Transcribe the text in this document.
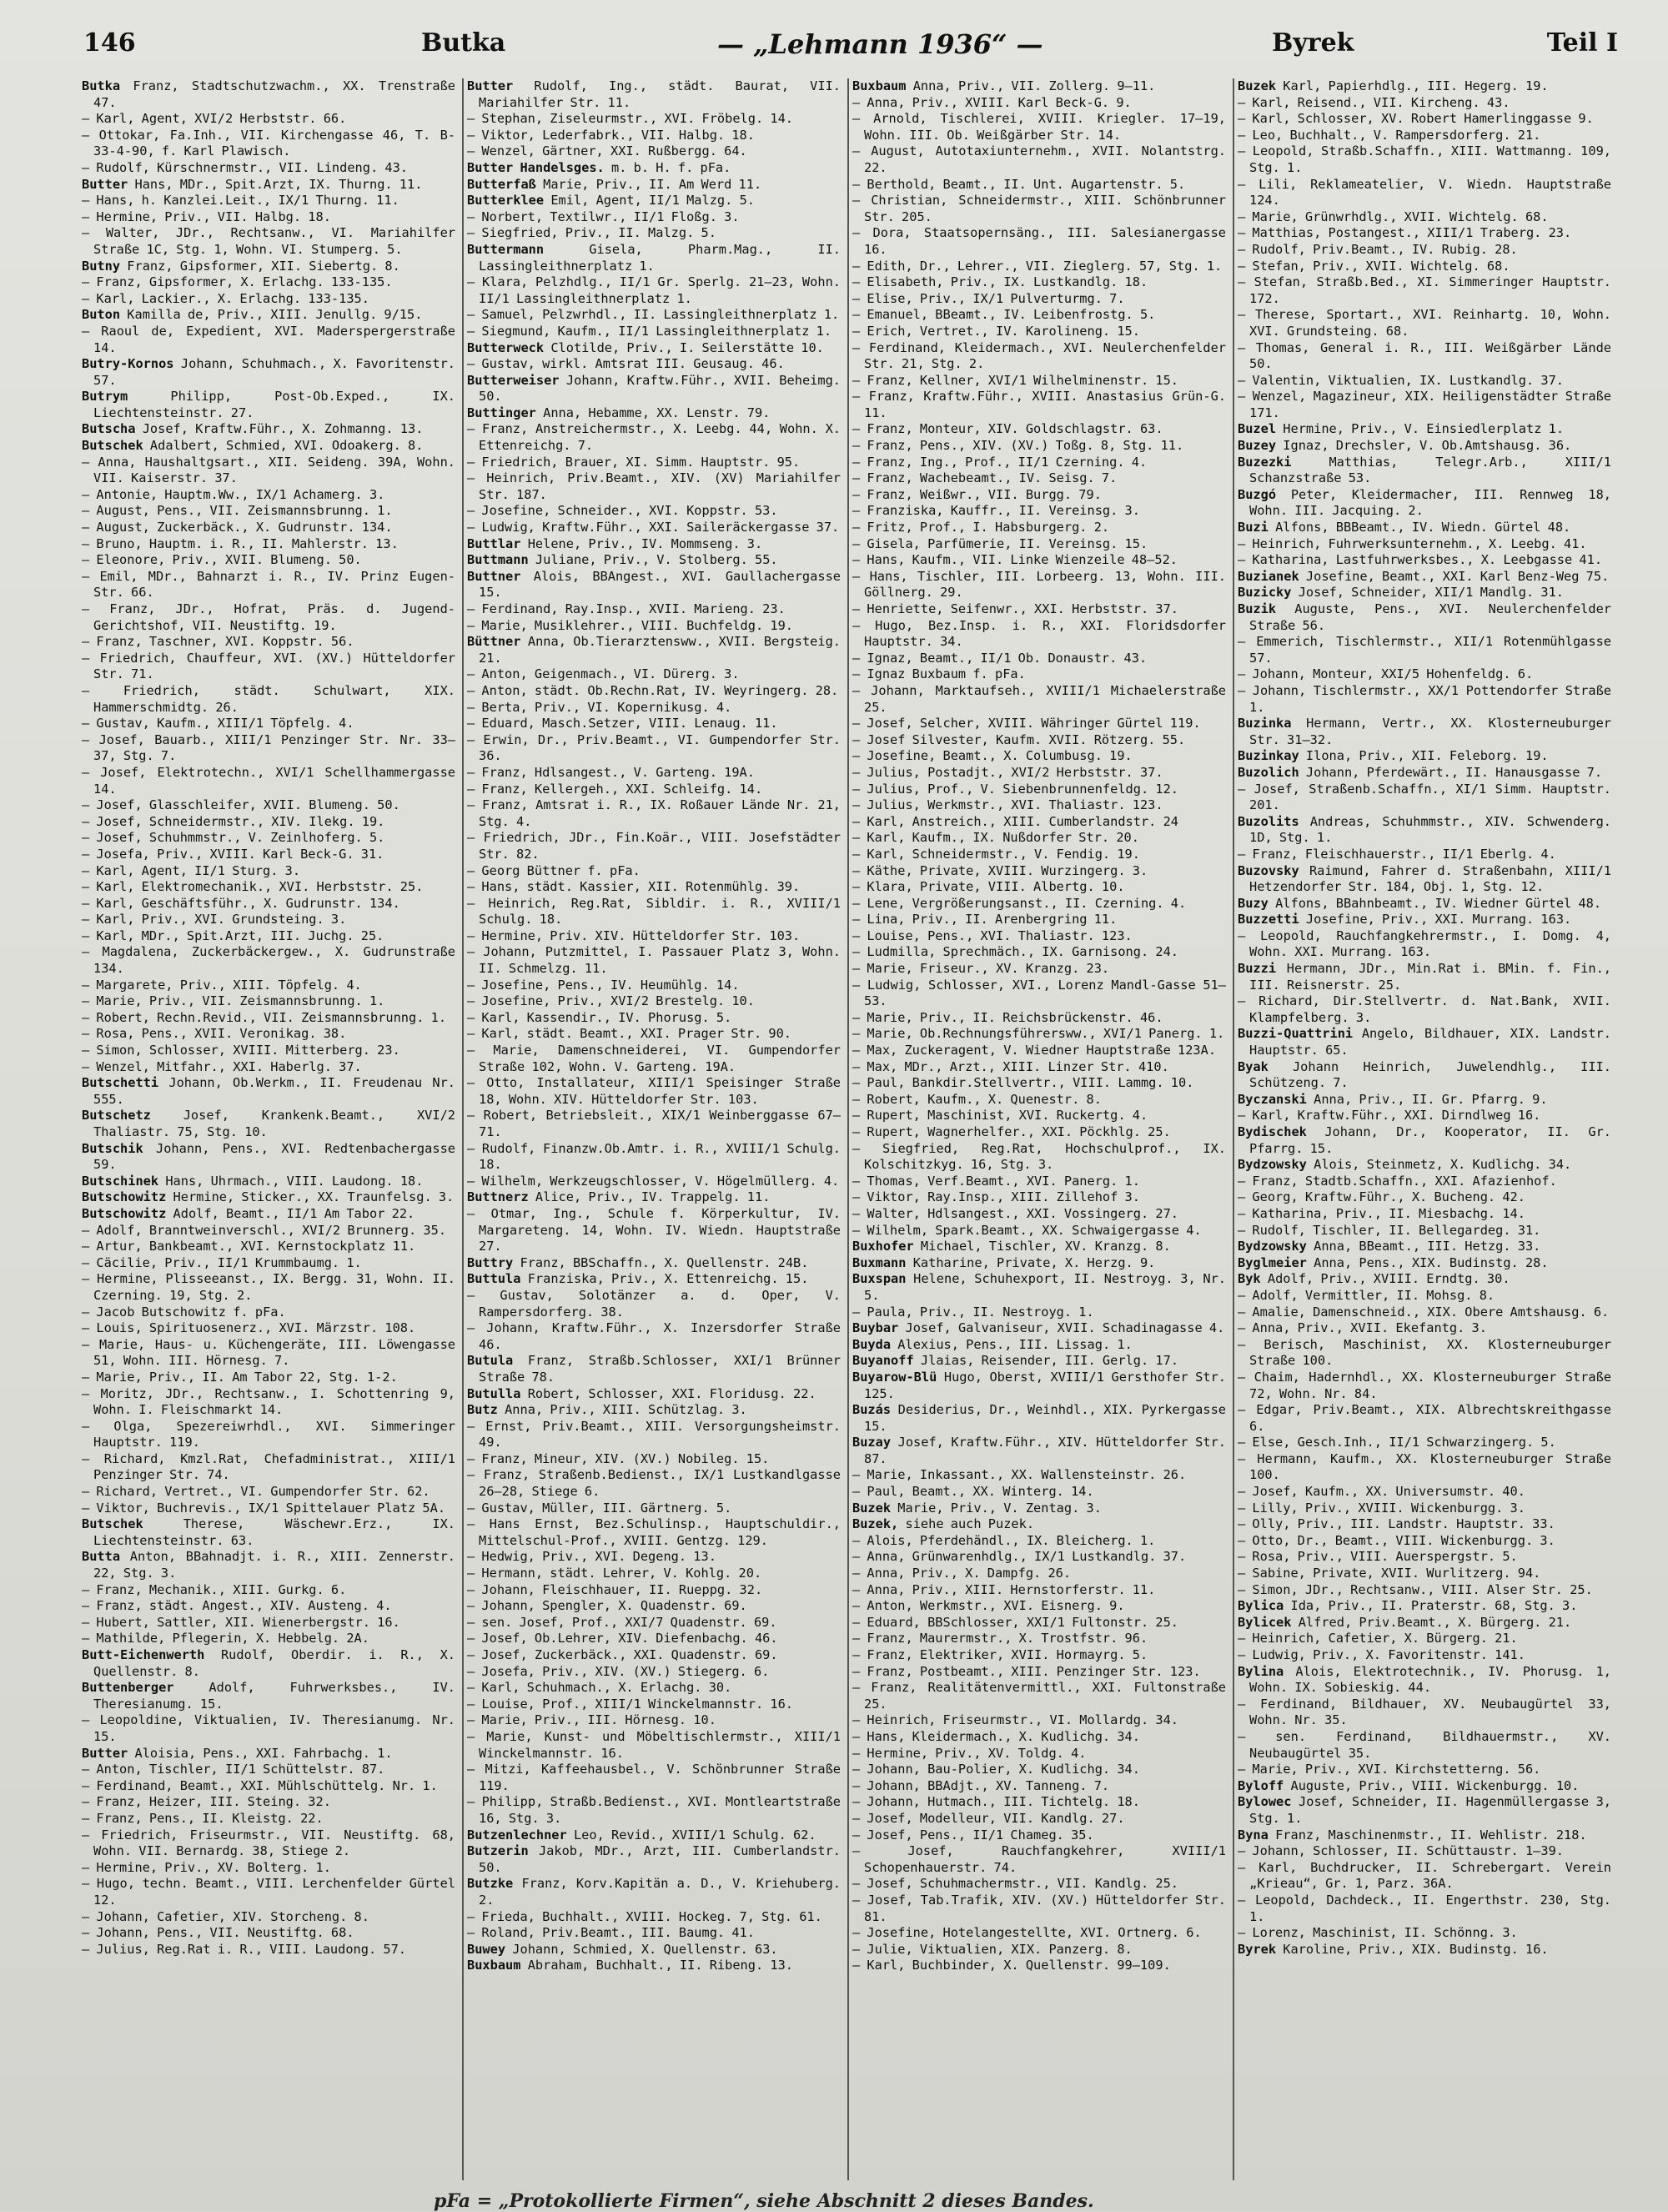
146	Butka	— „Lehmann 1936“ —	Byrek	Teil I

Butka Franz, Stadtschutzwachm., XX. Trenstraße 47.

— Karl, Agent, XVI/2 Herbststr. 66.

— Ottokar, Fa.Inh., VII. Kirchengasse 46, T. B-33-4-90, f. Karl Plawisch.

— Rudolf, Kürschnermstr., VII. Lindeng. 43.

Butter Hans, MDr., Spit.Arzt, IX. Thurng. 11.

— Hans, h. Kanzlei.Leit., IX/1 Thurng. 11.

— Hermine, Priv., VII. Halbg. 18.

— Walter, JDr., Rechtsanw., VI. Mariahilfer Straße 1C, Stg. 1, Wohn. VI. Stumperg. 5.

Butny Franz, Gipsformer, XII. Siebertg. 8.

— Franz, Gipsformer, X. Erlachg. 133-135.

— Karl, Lackier., X. Erlachg. 133-135.

Buton Kamilla de, Priv., XIII. Jenullg. 9/15.

— Raoul de, Expedient, XVI. Maderspergerstraße 14.

Butry-Kornos Johann, Schuhmach., X. Favoritenstr. 57.

Butrym	Philipp, Post-Ob.Exped., IX. Liechtensteinstr. 27.

Butscha Josef, Kraftw.Führ., X. Zohmanng. 13.

Butschek Adalbert, Schmied, XVI. Odoakerg. 8.

— Anna, Haushaltgsart., XII. Seideng. 39A, Wohn. VII. Kaiserstr. 37.

— Antonie, Hauptm.Ww., IX/1 Achamerg. 3.

— August, Pens., VII. Zeismannsbrunng. 1.

— August, Zuckerbäck., X. Gudrunstr. 134.

— Bruno, Hauptm. i. R., II. Mahlerstr. 13.

— Eleonore, Priv., XVII. Blumeng. 50.

— Emil, MDr., Bahnarzt i. R., IV. Prinz Eugen-Str. 66.

— Franz, JDr., Hofrat, Präs. d. Jugend-Gerichtshof, VII. Neustiftg. 19.

— Franz, Taschner, XVI. Koppstr. 56.

— Friedrich, Chauffeur, XVI. (XV.) Hütteldorfer Str. 71.

— Friedrich, städt. Schulwart, XIX. Hammerschmidtg. 26.

— Gustav, Kaufm., XIII/1 Töpfelg. 4.

— Josef, Bauarb., XIII/1 Penzinger Str. Nr. 33—37, Stg. 7.

— Josef, Elektrotechn., XVI/1 Schellhammergasse 14.

— Josef, Glasschleifer, XVII. Blumeng. 50.

— Josef, Schneidermstr., XIV. Ilekg. 19.

— Josef, Schuhmmstr., V. Zeinlhoferg. 5.

— Josefa, Priv., XVIII. Karl Beck-G. 31.

— Karl, Agent, II/1 Sturg. 3.

— Karl, Elektromechanik., XVI. Herbststr. 25.

— Karl, Geschäftsführ., X. Gudrunstr. 134.

— Karl, Priv., XVI. Grundsteing. 3.

— Karl, MDr., Spit.Arzt, III. Juchg. 25.

— Magdalena, Zuckerbäckergew., X. Gudrunstraße 134.

— Margarete, Priv., XIII. Töpfelg. 4.

— Marie, Priv., VII. Zeismannsbrunng. 1.

— Robert, Rechn.Revid., VII. Zeismannsbrunng. 1.

— Rosa, Pens., XVII. Veronikag. 38.

— Simon, Schlosser, XVIII. Mitterberg. 23.

— Wenzel, Mitfahr., XXI. Haberlg. 37.

Butschetti Johann, Ob.Werkm., II. Freudenau Nr. 555.

Butschetz	Josef, Krankenk.Beamt., XVI/2 Thaliastr. 75, Stg. 10.

Butschik Johann, Pens., XVI. Redtenbachergasse 59.

Butschinek Hans, Uhrmach., VIII. Laudong. 18.

Butschowitz Hermine, Sticker., XX. Traunfelsg. 3.

Butschowitz Adolf, Beamt., II/1 Am Tabor 22.

— Adolf, Branntweinverschl., XVI/2 Brunnerg. 35.

— Artur, Bankbeamt., XVI. Kernstockplatz 11.

— Cäcilie, Priv., II/1 Krummbaumg. 1.

— Hermine, Plisseeanst., IX. Bergg. 31, Wohn. II. Czerning. 19, Stg. 2.

— Jacob Butschowitz f. pFa.

— Louis, Spirituosenerz., XVI. Märzstr. 108.

— Marie, Haus- u. Küchengeräte, III. Löwengasse 51, Wohn. III. Hörnesg. 7.

— Marie, Priv., II. Am Tabor 22, Stg. 1-2.

— Moritz, JDr., Rechtsanw., I. Schottenring 9, Wohn. I. Fleischmarkt 14.

— Olga, Spezereiwrhdl., XVI. Simmeringer Hauptstr. 119.

— Richard, Kmzl.Rat, Chefadministrat., XIII/1 Penzinger Str. 74.

— Richard, Vertret., VI. Gumpendorfer Str. 62.

— Viktor, Buchrevis., IX/1 Spittelauer Platz 5A.

Butschek	Therese, Wäschewr.Erz., IX. Liechtensteinstr. 63.

Butta Anton, BBahnadjt. i. R., XIII. Zennerstr. 22, Stg. 3.

— Franz, Mechanik., XIII. Gurkg. 6.

— Franz, städt. Angest., XIV. Austeng. 4.

— Hubert, Sattler, XII. Wienerbergstr. 16.

— Mathilde, Pflegerin, X. Hebbelg. 2A.

Butt-Eichenwerth Rudolf, Oberdir. i. R., X. Quellenstr. 8.

Buttenberger	Adolf, Fuhrwerksbes., IV. Theresianumg. 15.

— Leopoldine, Viktualien, IV. Theresianumg. Nr. 15.

Butter Aloisia, Pens., XXI. Fahrbachg. 1.

— Anton, Tischler, II/1 Schüttelstr. 87.

— Ferdinand, Beamt., XXI. Mühlschüttelg. Nr. 1.

— Franz, Heizer, III. Steing. 32.

— Franz, Pens., II. Kleistg. 22.

— Friedrich, Friseurmstr., VII. Neustiftg. 68, Wohn. VII. Bernardg. 38, Stiege 2.

— Hermine, Priv., XV. Bolterg. 1.

— Hugo, techn. Beamt., VIII. Lerchenfelder Gürtel 12.

— Johann, Cafetier, XIV. Storcheng. 8.

— Johann, Pens., VII. Neustiftg. 68.

— Julius, Reg.Rat i. R., VIII. Laudong. 57.

Butter Rudolf, Ing., städt. Baurat, VII. Mariahilfer Str. 11.

— Stephan, Ziseleurmstr., XVI. Fröbelg. 14.

— Viktor, Lederfabrk., VII. Halbg. 18.

— Wenzel, Gärtner, XXI. Rußbergg. 64.

Butter Handelsges. m. b. H. f. pFa.

Butterfaß Marie, Priv., II. Am Werd 11.

Butterklee Emil, Agent, II/1 Malzg. 5.

— Norbert, Textilwr., II/1 Floßg. 3.

— Siegfried, Priv., II. Malzg. 5.

Buttermann	Gisela, Pharm.Mag., II. Lassingleithnerplatz 1.

— Klara, Pelzhdlg., II/1 Gr. Sperlg. 21—23, Wohn. II/1 Lassingleithnerplatz 1.

— Samuel, Pelzwrhdl., II. Lassingleithnerplatz 1.

— Siegmund, Kaufm., II/1 Lassingleithnerplatz 1.

Butterweck Clotilde, Priv., I. Seilerstätte 10.

— Gustav, wirkl. Amtsrat III. Geusaug. 46.

Butterweiser Johann, Kraftw.Führ., XVII. Beheimg. 50.

Buttinger Anna, Hebamme, XX. Lenstr. 79.

— Franz, Anstreichermstr., X. Leebg. 44, Wohn. X. Ettenreichg. 7.

— Friedrich, Brauer, XI. Simm. Hauptstr. 95.

— Heinrich, Priv.Beamt., XIV. (XV) Mariahilfer Str. 187.

— Josefine, Schneider., XVI. Koppstr. 53.

— Ludwig, Kraftw.Führ., XXI. Saileräckergasse 37.

Buttlar Helene, Priv., IV. Mommseng. 3.

Buttmann Juliane, Priv., V. Stolberg. 55.

Buttner Alois, BBAngest., XVI. Gaullachergasse 15.

— Ferdinand, Ray.Insp., XVII. Marieng. 23.

— Marie, Musiklehrer., VIII. Buchfeldg. 19.

Büttner Anna, Ob.Tierarztensww., XVII. Bergsteig. 21.

— Anton, Geigenmach., VI. Dürerg. 3.

— Anton, städt. Ob.Rechn.Rat, IV. Weyringerg. 28.

— Berta, Priv., VI. Kopernikusg. 4.

— Eduard, Masch.Setzer, VIII. Lenaug. 11.

— Erwin, Dr., Priv.Beamt., VI. Gumpendorfer Str. 36.

— Franz, Hdlsangest., V. Garteng. 19A.

— Franz, Kellergeh., XXI. Schleifg. 14.

— Franz, Amtsrat i. R., IX. Roßauer Lände Nr. 21, Stg. 4.

— Friedrich, JDr., Fin.Koär., VIII. Josefstädter Str. 82.

— Georg Büttner f. pFa.

— Hans, städt. Kassier, XII. Rotenmühlg. 39.

— Heinrich, Reg.Rat, Sibldir. i. R., XVIII/1 Schulg. 18.

— Hermine, Priv. XIV. Hütteldorfer Str. 103.

— Johann, Putzmittel, I. Passauer Platz 3, Wohn. II. Schmelzg. 11.

— Josefine, Pens., IV. Heumühlg. 14.

— Josefine, Priv., XVI/2 Brestelg. 10.

— Karl, Kassendir., IV. Phorusg. 5.

— Karl, städt. Beamt., XXI. Prager Str. 90.

— Marie, Damenschneiderei, VI. Gumpendorfer Straße 102, Wohn. V. Garteng. 19A.

— Otto, Installateur, XIII/1 Speisinger Straße 18, Wohn. XIV. Hütteldorfer Str. 103.

— Robert, Betriebsleit., XIX/1 Weinberggasse 67—71.

— Rudolf, Finanzw.Ob.Amtr. i. R., XVIII/1 Schulg. 18.

— Wilhelm, Werkzeugschlosser, V. Högelmüllerg. 4.

Buttnerz Alice, Priv., IV. Trappelg. 11.

— Otmar, Ing., Schule f. Körperkultur, IV. Margareteng. 14, Wohn. IV. Wiedn. Hauptstraße 27.

Buttry Franz, BBSchaffn., X. Quellenstr. 24B.

Buttula Franziska, Priv., X. Ettenreichg. 15.

— Gustav, Solotänzer a. d. Oper, V. Rampersdorferg. 38.

— Johann, Kraftw.Führ., X. Inzersdorfer Straße 46.

Butula Franz, Straßb.Schlosser, XXI/1 Brünner Straße 78.

Butulla Robert, Schlosser, XXI. Floridusg. 22.

Butz Anna, Priv., XIII. Schützlag. 3.

— Ernst, Priv.Beamt., XIII. Versorgungsheimstr. 49.

— Franz, Mineur, XIV. (XV.) Nobileg. 15.

— Franz, Straßenb.Bedienst., IX/1 Lustkandlgasse 26—28, Stiege 6.

— Gustav, Müller, III. Gärtnerg. 5.

— Hans Ernst, Bez.Schulinsp., Hauptschuldir., Mittelschul-Prof., XVIII. Gentzg. 129.

— Hedwig, Priv., XVI. Degeng. 13.

— Hermann, städt. Lehrer, V. Kohlg. 20.

— Johann, Fleischhauer, II. Rueppg. 32.

— Johann, Spengler, X. Quadenstr. 69.

— sen. Josef, Prof., XXI/7 Quadenstr. 69.

— Josef, Ob.Lehrer, XIV. Diefenbachg. 46.

— Josef, Zuckerbäck., XXI. Quadenstr. 69.

— Josefa, Priv., XIV. (XV.) Stiegerg. 6.

— Karl, Schuhmach., X. Erlachg. 30.

— Louise, Prof., XIII/1 Winckelmannstr. 16.

— Marie, Priv., III. Hörnesg. 10.

— Marie, Kunst- und Möbeltischlermstr., XIII/1 Winckelmannstr. 16.

— Mitzi, Kaffeehausbel., V. Schönbrunner Straße 119.

— Philipp, Straßb.Bedienst., XVI. Montleartstraße 16, Stg. 3.

Butzenlechner Leo, Revid., XVIII/1 Schulg. 62.

Butzerin Jakob, MDr., Arzt, III. Cumberlandstr. 50.

Butzke Franz, Korv.Kapitän a. D., V. Kriehuberg. 2.

— Frieda, Buchhalt., XVIII. Hockeg. 7, Stg. 61.

— Roland, Priv.Beamt., III. Baumg. 41.

Buwey Johann, Schmied, X. Quellenstr. 63.

Buxbaum Abraham, Buchhalt., II. Ribeng. 13.

Buxbaum Anna, Priv., VII. Zollerg. 9—11.

— Anna, Priv., XVIII. Karl Beck-G. 9.

— Arnold, Tischlerei, XVIII. Kriegler. 17—19, Wohn. III. Ob. Weißgärber Str. 14.

— August, Autotaxiunternehm., XVII. Nolantstrg. 22.

— Berthold, Beamt., II. Unt. Augartenstr. 5.

— Christian, Schneidermstr., XIII. Schönbrunner Str. 205.

— Dora, Staatsopernsäng., III. Salesianergasse 16.

— Edith, Dr., Lehrer., VII. Zieglerg. 57, Stg. 1.

— Elisabeth, Priv., IX. Lustkandlg. 18.

— Elise, Priv., IX/1 Pulverturmg. 7.

— Emanuel, BBeamt., IV. Leibenfrostg. 5.

— Erich, Vertret., IV. Karolineng. 15.

— Ferdinand, Kleidermach., XVI. Neulerchenfelder Str. 21, Stg. 2.

— Franz, Kellner, XVI/1 Wilhelminenstr. 15.

— Franz, Kraftw.Führ., XVIII. Anastasius Grün-G. 11.

— Franz, Monteur, XIV. Goldschlagstr. 63.

— Franz, Pens., XIV. (XV.) Toßg. 8, Stg. 11.

— Franz, Ing., Prof., II/1 Czerning. 4.

— Franz, Wachebeamt., IV. Seisg. 7.

— Franz, Weißwr., VII. Burgg. 79.

— Franziska, Kauffr., II. Vereinsg. 3.

— Fritz, Prof., I. Habsburgerg. 2.

— Gisela, Parfümerie, II. Vereinsg. 15.

— Hans, Kaufm., VII. Linke Wienzeile 48—52.

— Hans, Tischler, III. Lorbeerg. 13, Wohn. III. Göllnerg. 29.

— Henriette, Seifenwr., XXI. Herbststr. 37.

— Hugo, Bez.Insp. i. R., XXI. Floridsdorfer Hauptstr. 34.

— Ignaz, Beamt., II/1 Ob. Donaustr. 43.

— Ignaz Buxbaum f. pFa.

— Johann, Marktaufseh., XVIII/1 Michaelerstraße 25.

— Josef, Selcher, XVIII. Währinger Gürtel 119.

— Josef Silvester, Kaufm. XVII. Rötzerg. 55.

— Josefine, Beamt., X. Columbusg. 19.

— Julius, Postadjt., XVI/2 Herbststr. 37.

— Julius, Prof., V. Siebenbrunnenfeldg. 12.

— Julius, Werkmstr., XVI. Thaliastr. 123.

— Karl, Anstreich., XIII. Cumberlandstr. 24

— Karl, Kaufm., IX. Nußdorfer Str. 20.

— Karl, Schneidermstr., V. Fendig. 19.

— Käthe, Private, XVIII. Wurzingerg. 3.

— Klara, Private, VIII. Albertg. 10.

— Lene, Vergrößerungsanst., II. Czerning. 4.

— Lina, Priv., II. Arenbergring 11.

— Louise, Pens., XVI. Thaliastr. 123.

— Ludmilla, Sprechmäch., IX. Garnisong. 24.

— Marie, Friseur., XV. Kranzg. 23.

— Ludwig, Schlosser, XVI., Lorenz Mandl-Gasse 51—53.

— Marie, Priv., II. Reichsbrückenstr. 46.

— Marie, Ob.Rechnungsführersww., XVI/1 Panerg. 1.

— Max, Zuckeragent, V. Wiedner Hauptstraße 123A.

— Max, MDr., Arzt., XIII. Linzer Str. 410.

— Paul, Bankdir.Stellvertr., VIII. Lammg. 10.

— Robert, Kaufm., X. Quenestr. 8.

— Rupert, Maschinist, XVI. Ruckertg. 4.

— Rupert, Wagnerhelfer., XXI. Pöckhlg. 25.

— Siegfried, Reg.Rat, Hochschulprof., IX. Kolschitzkyg. 16, Stg. 3.

— Thomas, Verf.Beamt., XVI. Panerg. 1.

— Viktor, Ray.Insp., XIII. Zillehof 3.

— Walter, Hdlsangest., XXI. Vossingerg. 27.

— Wilhelm, Spark.Beamt., XX. Schwaigergasse 4.

Buxhofer Michael, Tischler, XV. Kranzg. 8.

Buxmann Katharine, Private, X. Herzg. 9.

Buxspan Helene, Schuhexport, II. Nestroyg. 3, Nr. 5.

— Paula, Priv., II. Nestroyg. 1.

Buybar Josef, Galvaniseur, XVII. Schadinagasse 4.

Buyda Alexius, Pens., III. Lissag. 1.

Buyanoff Jlaias, Reisender, III. Gerlg. 17.

Buyarow-Blü Hugo, Oberst, XVIII/1 Gersthofer Str. 125.

Buzás Desiderius, Dr., Weinhdl., XIX. Pyrkergasse 15.

Buzay Josef, Kraftw.Führ., XIV. Hütteldorfer Str. 87.

— Marie, Inkassant., XX. Wallensteinstr. 26.

— Paul, Beamt., XX. Winterg. 14.

Buzek Marie, Priv., V. Zentag. 3.

Buzek, siehe auch Puzek.

— Alois, Pferdehändl., IX. Bleicherg. 1.

— Anna, Grünwarenhdlg., IX/1 Lustkandlg. 37.

— Anna, Priv., X. Dampfg. 26.

— Anna, Priv., XIII. Hernstorferstr. 11.

— Anton, Werkmstr., XVI. Eisnerg. 9.

— Eduard, BBSchlosser, XXI/1 Fultonstr. 25.

— Franz, Maurermstr., X. Trostfstr. 96.

— Franz, Elektriker, XVII. Hormayrg. 5.

— Franz, Postbeamt., XIII. Penzinger Str. 123.

— Franz, Realitätenvermittl., XXI. Fultonstraße 25.

— Heinrich, Friseurmstr., VI. Mollardg. 34.

— Hans, Kleidermach., X. Kudlichg. 34.

— Hermine, Priv., XV. Toldg. 4.

— Johann, Bau-Polier, X. Kudlichg. 34.

— Johann, BBAdjt., XV. Tanneng. 7.

— Johann, Hutmach., III. Tichtelg. 18.

— Josef, Modelleur, VII. Kandlg. 27.

— Josef, Pens., II/1 Chameg. 35.

— Josef, Rauchfangkehrer, XVIII/1 Schopenhauerstr. 74.

— Josef, Schuhmachermstr., VII. Kandlg. 25.

— Josef, Tab.Trafik, XIV. (XV.) Hütteldorfer Str. 81.

— Josefine, Hotelangestellte, XVI. Ortnerg. 6.

— Julie, Viktualien, XIX. Panzerg. 8.

— Karl, Buchbinder, X. Quellenstr. 99—109.

Buzek Karl, Papierhdlg., III. Hegerg. 19.

— Karl, Reisend., VII. Kircheng. 43.

— Karl, Schlosser, XV. Robert Hamerlinggasse 9.

— Leo, Buchhalt., V. Rampersdorferg. 21.

— Leopold, Straßb.Schaffn., XIII. Wattmanng. 109, Stg. 1.

— Lili, Reklameatelier, V. Wiedn. Hauptstraße 124.

— Marie, Grünwrhdlg., XVII. Wichtelg. 68.

— Matthias, Postangest., XIII/1 Traberg. 23.

— Rudolf, Priv.Beamt., IV. Rubig. 28.

— Stefan, Priv., XVII. Wichtelg. 68.

— Stefan, Straßb.Bed., XI. Simmeringer Hauptstr. 172.

— Therese, Sportart., XVI. Reinhartg. 10, Wohn. XVI. Grundsteing. 68.

— Thomas, General i. R., III. Weißgärber Lände 50.

— Valentin, Viktualien, IX. Lustkandlg. 37.

— Wenzel, Magazineur, XIX. Heiligenstädter Straße 171.

Buzel Hermine, Priv., V. Einsiedlerplatz 1.

Buzey Ignaz, Drechsler, V. Ob.Amtshausg. 36.

Buzezki	Matthias, Telegr.Arb., XIII/1 Schanzstraße 53.

Buzgó Peter, Kleidermacher, III. Rennweg 18, Wohn. III. Jacquing. 2.

Buzi Alfons, BBBeamt., IV. Wiedn. Gürtel 48.

— Heinrich, Fuhrwerksunternehm., X. Leebg. 41.

— Katharina, Lastfuhrwerksbes., X. Leebgasse 41.

Buzianek Josefine, Beamt., XXI. Karl Benz-Weg 75.

Buzicky Josef, Schneider, XII/1 Mandlg. 31.

Buzik Auguste, Pens., XVI. Neulerchenfelder Straße 56.

— Emmerich, Tischlermstr., XII/1 Rotenmühlgasse 57.

— Johann, Monteur, XXI/5 Hohenfeldg. 6.

— Johann, Tischlermstr., XX/1 Pottendorfer Straße 1.

Buzinka Hermann, Vertr., XX. Klosterneuburger Str. 31—32.

Buzinkay Ilona, Priv., XII. Feleborg. 19.

Buzolich Johann, Pferdewärt., II. Hanausgasse 7.

— Josef, Straßenb.Schaffn., XI/1 Simm. Hauptstr. 201.

Buzolits Andreas, Schuhmmstr., XIV. Schwenderg. 1D, Stg. 1.

— Franz, Fleischhauerstr., II/1 Eberlg. 4.

Buzovsky Raimund, Fahrer d. Straßenbahn, XIII/1 Hetzendorfer Str. 184, Obj. 1, Stg. 12.

Buzy Alfons, BBahnbeamt., IV. Wiedner Gürtel 48.

Buzzetti Josefine, Priv., XXI. Murrang. 163.

— Leopold, Rauchfangkehrermstr., I. Domg. 4, Wohn. XXI. Murrang. 163.

Buzzi Hermann, JDr., Min.Rat i. BMin. f. Fin., III. Reisnerstr. 25.

— Richard, Dir.Stellvertr. d. Nat.Bank, XVII. Klampfelberg. 3.

Buzzi-Quattrini Angelo, Bildhauer, XIX. Landstr. Hauptstr. 65.

Byak Johann Heinrich, Juwelendhlg., III. Schützeng. 7.

Byczanski Anna, Priv., II. Gr. Pfarrg. 9.

— Karl, Kraftw.Führ., XXI. Dirndlweg 16.

Bydischek Johann, Dr., Kooperator, II. Gr. Pfarrg. 15.

Bydzowsky Alois, Steinmetz, X. Kudlichg. 34.

— Franz, Stadtb.Schaffn., XXI. Afazienhof.

— Georg, Kraftw.Führ., X. Bucheng. 42.

— Katharina, Priv., II. Miesbachg. 14.

— Rudolf, Tischler, II. Bellegardeg. 31.

Bydzowsky Anna, BBeamt., III. Hetzg. 33.

Byglmeier Anna, Pens., XIX. Budinstg. 28.

Byk Adolf, Priv., XVIII. Erndtg. 30.

— Adolf, Vermittler, II. Mohsg. 8.

— Amalie, Damenschneid., XIX. Obere Amtshausg. 6.

— Anna, Priv., XVII. Ekefantg. 3.

— Berisch, Maschinist, XX. Klosterneuburger Straße 100.

— Chaim, Hadernhdl., XX. Klosterneuburger Straße 72, Wohn. Nr. 84.

— Edgar, Priv.Beamt., XIX. Albrechtskreithgasse 6.

— Else, Gesch.Inh., II/1 Schwarzingerg. 5.

— Hermann, Kaufm., XX. Klosterneuburger Straße 100.

— Josef, Kaufm., XX. Universumstr. 40.

— Lilly, Priv., XVIII. Wickenburgg. 3.

— Olly, Priv., III. Landstr. Hauptstr. 33.

— Otto, Dr., Beamt., VIII. Wickenburgg. 3.

— Rosa, Priv., VIII. Auerspergstr. 5.

— Sabine, Private, XVII. Wurlitzerg. 94.

— Simon, JDr., Rechtsanw., VIII. Alser Str. 25.

Bylica Ida, Priv., II. Praterstr. 68, Stg. 3.

Bylicek Alfred, Priv.Beamt., X. Bürgerg. 21.

— Heinrich, Cafetier, X. Bürgerg. 21.

— Ludwig, Priv., X. Favoritenstr. 141.

Bylina Alois, Elektrotechnik., IV. Phorusg. 1, Wohn. IX. Sobieskig. 44.

— Ferdinand, Bildhauer, XV. Neubaugürtel 33, Wohn. Nr. 35.

— sen. Ferdinand, Bildhauermstr., XV. Neubaugürtel 35.

— Marie, Priv., XVI. Kirchstetterng. 56.

Byloff Auguste, Priv., VIII. Wickenburgg. 10.

Bylowec Josef, Schneider, II. Hagenmüllergasse 3, Stg. 1.

Byna Franz, Maschinenmstr., II. Wehlistr. 218.

— Johann, Schlosser, II. Schüttaustr. 1—39.

— Karl, Buchdrucker, II. Schrebergart. Verein „Krieau“, Gr. 1, Parz. 36A.

— Leopold, Dachdeck., II. Engerthstr. 230, Stg. 1.

— Lorenz, Maschinist, II. Schönng. 3.

Byrek Karoline, Priv., XIX. Budinstg. 16.

pFa = „Protokollierte Firmen“, siehe Abschnitt 2 dieses Bandes.
